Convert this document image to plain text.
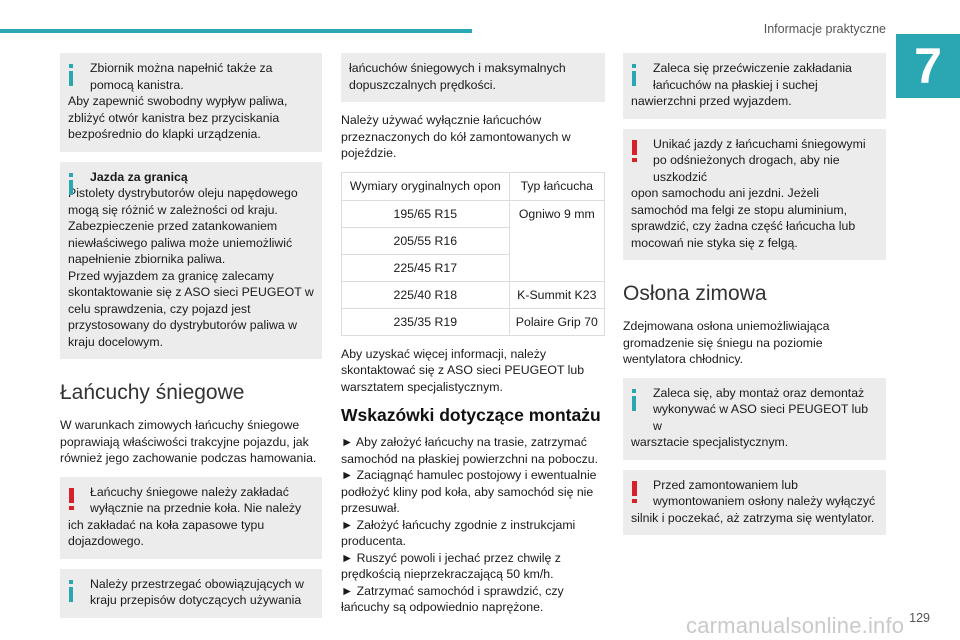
Informacje praktyczne
7

Zbiornik można napełnić także za pomocą kanistra.

Aby zapewnić swobodny wypływ paliwa, zbliżyć otwór kanistra bez przyciskania bezpośrednio do klapki urządzenia.

Jazda za granicą

Pistolety dystrybutorów oleju napędowego mogą się różnić w zależności od kraju. Zabezpieczenie przed zatankowaniem niewłaściwego paliwa może uniemożliwić napełnienie zbiornika paliwa.

Przed wyjazdem za granicę zalecamy skontaktowanie się z ASO sieci PEUGEOT w celu sprawdzenia, czy pojazd jest przystosowany do dystrybutorów paliwa w kraju docelowym.

Łańcuchy śniegowe

W warunkach zimowych łańcuchy śniegowe poprawiają właściwości trakcyjne pojazdu, jak również jego zachowanie podczas hamowania.

Łańcuchy śniegowe należy zakładać wyłącznie na przednie koła. Nie należy

ich zakładać na koła zapasowe typu dojazdowego.

Należy przestrzegać obowiązujących w kraju przepisów dotyczących używania

łańcuchów śniegowych i maksymalnych dopuszczalnych prędkości.

Należy używać wyłącznie łańcuchów przeznaczonych do kół zamontowanych w pojeździe.

Wymiary oryginalnych opon	Typ łańcucha
195/65 R15	Ogniwo 9 mm
205/55 R16	
225/45 R17	
225/40 R18	K-Summit K23
235/35 R19	Polaire Grip 70

Aby uzyskać więcej informacji, należy skontaktować się z ASO sieci PEUGEOT lub warsztatem specjalistycznym.

Wskazówki dotyczące montażu

► Aby założyć łańcuchy na trasie, zatrzymać samochód na płaskiej powierzchni na poboczu.

► Zaciągnąć hamulec postojowy i ewentualnie podłożyć kliny pod koła, aby samochód się nie przesuwał.

► Założyć łańcuchy zgodnie z instrukcjami producenta.

► Ruszyć powoli i jechać przez chwilę z prędkością nieprzekraczającą 50 km/h.

► Zatrzymać samochód i sprawdzić, czy łańcuchy są odpowiednio naprężone.

Zaleca się przećwiczenie zakładania łańcuchów na płaskiej i suchej

nawierzchni przed wyjazdem.

Unikać jazdy z łańcuchami śniegowymi po odśnieżonych drogach, aby nie uszkodzić

opon samochodu ani jezdni. Jeżeli samochód ma felgi ze stopu aluminium, sprawdzić, czy żadna część łańcucha lub mocowań nie styka się z felgą.

Osłona zimowa

Zdejmowana osłona uniemożliwiająca gromadzenie się śniegu na poziomie wentylatora chłodnicy.

Zaleca się, aby montaż oraz demontaż wykonywać w ASO sieci PEUGEOT lub w

warsztacie specjalistycznym.

Przed zamontowaniem lub wymontowaniem osłony należy wyłączyć

silnik i poczekać, aż zatrzyma się wentylator.

carmanualsonline.info 129
